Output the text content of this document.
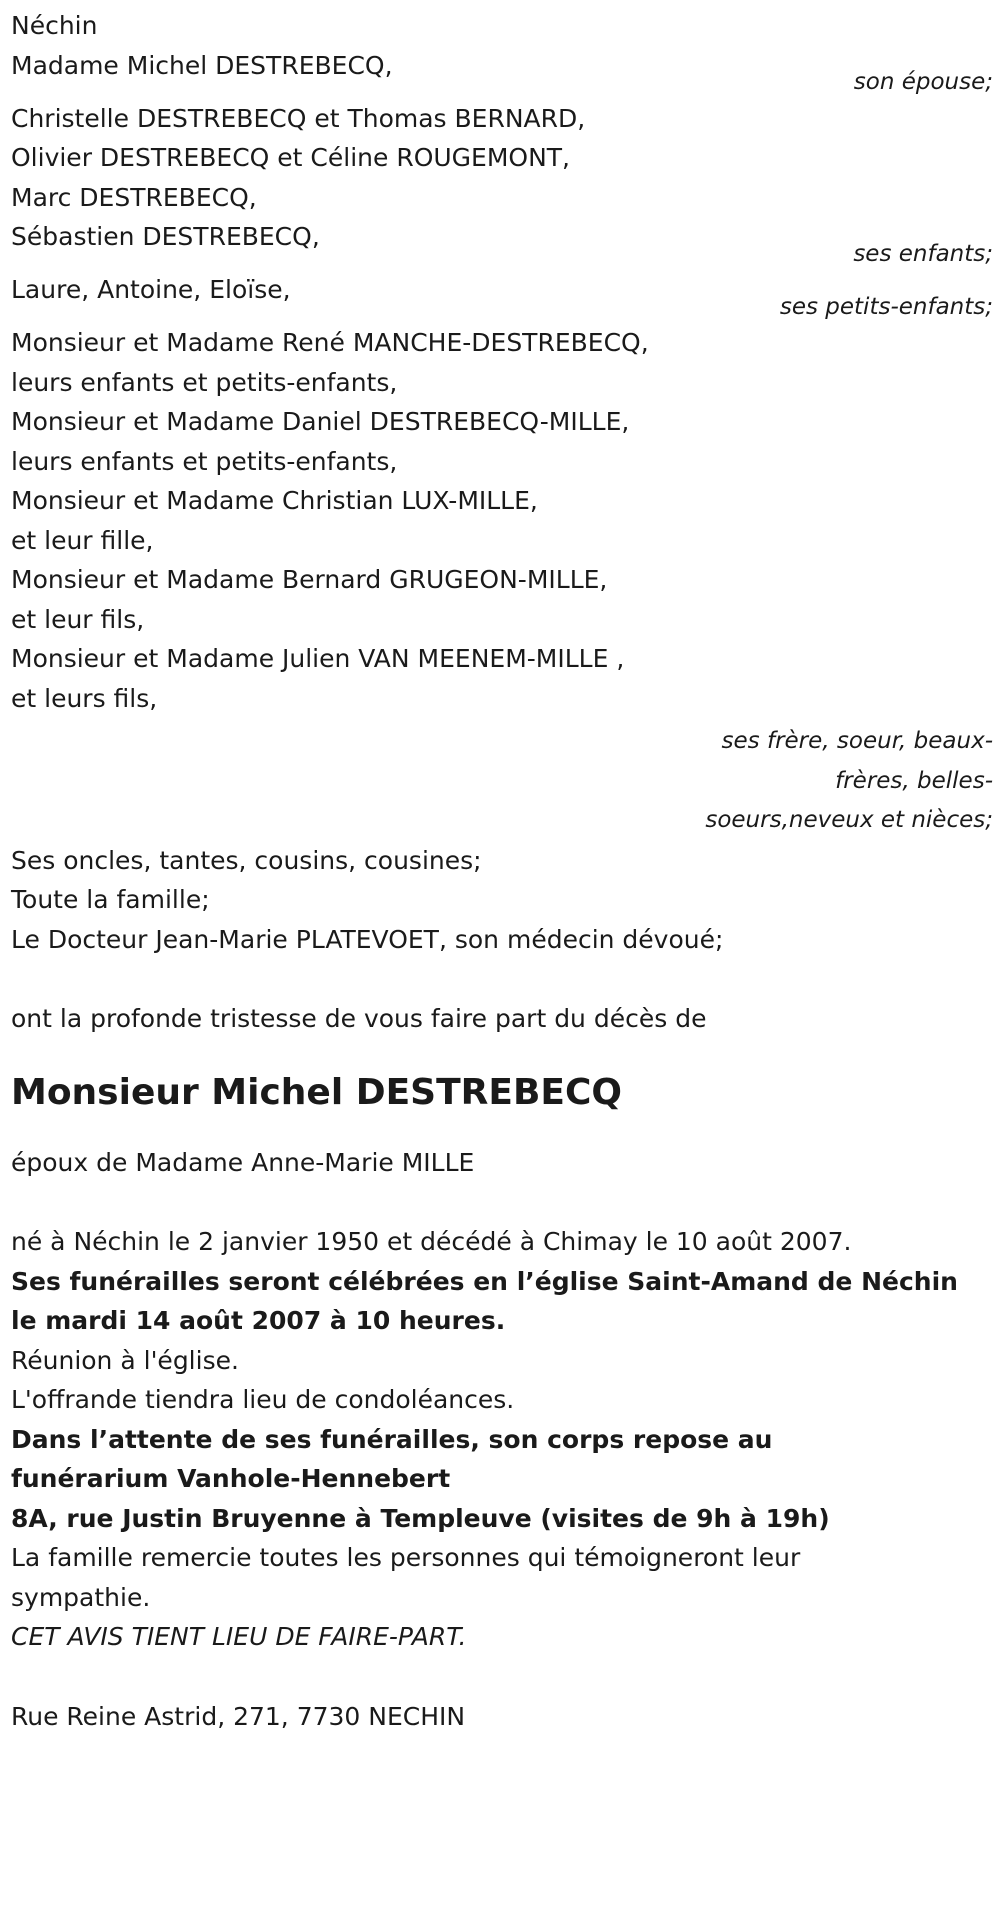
Néchin
Madame Michel DESTREBECQ,
son épouse;
Christelle DESTREBECQ et Thomas BERNARD,
Olivier DESTREBECQ et Céline ROUGEMONT,
Marc DESTREBECQ,
Sébastien DESTREBECQ,
ses enfants;
Laure, Antoine, Eloïse,
ses petits-enfants;
Monsieur et Madame René MANCHE-DESTREBECQ,
leurs enfants et petits-enfants,
Monsieur et Madame Daniel DESTREBECQ-MILLE,
leurs enfants et petits-enfants,
Monsieur et Madame Christian LUX-MILLE,
et leur fille,
Monsieur et Madame Bernard GRUGEON-MILLE,
et leur fils,
Monsieur et Madame Julien VAN MEENEM-MILLE ,
et leurs fils,
ses frère, soeur, beaux-frères, belles-soeurs,neveux et nièces;
Ses oncles, tantes, cousins, cousines;
Toute la famille;
Le Docteur Jean-Marie PLATEVOET, son médecin dévoué;
ont la profonde tristesse de vous faire part du décès de
Monsieur Michel DESTREBECQ
époux de Madame Anne-Marie MILLE
né à Néchin le 2 janvier 1950 et décédé à Chimay le 10 août 2007.
Ses funérailles seront célébrées en l’église Saint-Amand de Néchin
le mardi 14 août 2007 à 10 heures.
Réunion à l'église.
L'offrande tiendra lieu de condoléances.
Dans l’attente de ses funérailles, son corps repose au funérarium Vanhole-Hennebert
8A, rue Justin Bruyenne à Templeuve (visites de 9h à 19h)
La famille remercie toutes les personnes qui témoigneront leur sympathie.
CET AVIS TIENT LIEU DE FAIRE-PART.
Rue Reine Astrid, 271, 7730 NECHIN
